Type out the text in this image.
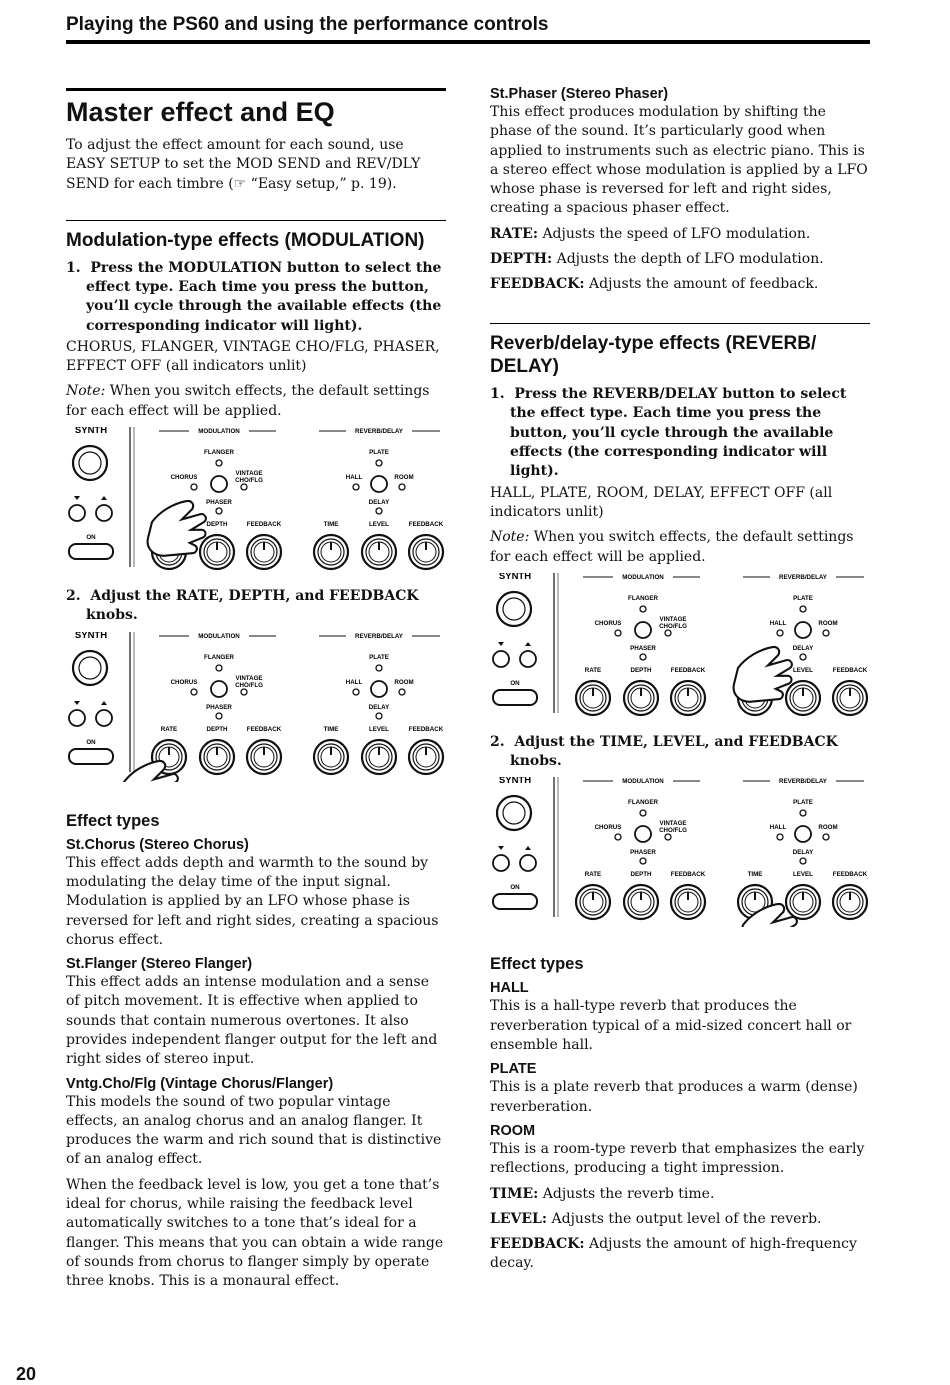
Playing the PS60 and using the performance controls
Master effect and EQ

To adjust the effect amount for each sound, use EASY SETUP to set the MOD SEND and REV/DLY SEND for each timbre (☞ “Easy setup,” p. 19).

Modulation-type effects (MODULATION)
1.  Press the MODULATION button to select the effect type. Each time you press the button, you’ll cycle through the available effects (the corresponding indicator will light).

CHORUS, FLANGER, VINTAGE CHO/FLG, PHASER, EFFECT OFF (all indicators unlit)

Note: When you switch effects, the default settings for each effect will be applied.

SYNTH
ON
MODULATION
FLANGER
CHORUS
VINTAGE
CHO/FLG
PHASER
DEPTH	FEEDBACK
REVERB/DELAY
PLATE
HALL	ROOM
DELAY
TIME	LEVEL	FEEDBACK
2.  Adjust the RATE, DEPTH, and FEEDBACK knobs.
SYNTH
ON
MODULATION
FLANGER
CHORUS
VINTAGE
CHO/FLG
PHASER
RATE	DEPTH	FEEDBACK
REVERB/DELAY
PLATE
HALL	ROOM
DELAY
TIME	LEVEL	FEEDBACK
Effect types
St.Chorus (Stereo Chorus)

This effect adds depth and warmth to the sound by modulating the delay time of the input signal. Modulation is applied by an LFO whose phase is reversed for left and right sides, creating a spacious chorus effect.

St.Flanger (Stereo Flanger)

This effect adds an intense modulation and a sense of pitch movement. It is effective when applied to sounds that contain numerous overtones. It also provides independent flanger output for the left and right sides of stereo input.

Vntg.Cho/Flg (Vintage Chorus/Flanger)

This models the sound of two popular vintage effects, an analog chorus and an analog flanger. It produces the warm and rich sound that is distinctive of an analog effect.

When the feedback level is low, you get a tone that’s ideal for chorus, while raising the feedback level automatically switches to a tone that’s ideal for a flanger. This means that you can obtain a wide range of sounds from chorus to flanger simply by operate three knobs. This is a monaural effect.

St.Phaser (Stereo Phaser)

This effect produces modulation by shifting the phase of the sound. It’s particularly good when applied to instruments such as electric piano. This is a stereo effect whose modulation is applied by a LFO whose phase is reversed for left and right sides, creating a spacious phaser effect.

RATE: Adjusts the speed of LFO modulation.

DEPTH: Adjusts the depth of LFO modulation.

FEEDBACK: Adjusts the amount of feedback.

Reverb/delay-type effects (REVERB/ DELAY)
1.  Press the REVERB/DELAY button to select the effect type. Each time you press the button, you’ll cycle through the available effects (the corresponding indicator will light).

HALL, PLATE, ROOM, DELAY, EFFECT OFF (all indicators unlit)

Note: When you switch effects, the default settings for each effect will be applied.

SYNTH
ON
MODULATION
FLANGER
CHORUS
VINTAGE
CHO/FLG
PHASER
RATE	DEPTH	FEEDBACK
REVERB/DELAY
PLATE
HALL	ROOM
DELAY
LEVEL	FEEDBACK
2.  Adjust the TIME, LEVEL, and FEEDBACK knobs.
SYNTH
ON
MODULATION
FLANGER
CHORUS
VINTAGE
CHO/FLG
PHASER
RATE	DEPTH	FEEDBACK
REVERB/DELAY
PLATE
HALL	ROOM
DELAY
TIME	LEVEL	FEEDBACK
Effect types
HALL

This is a hall-type reverb that produces the reverberation typical of a mid-sized concert hall or ensemble hall.

PLATE

This is a plate reverb that produces a warm (dense) reverberation.

ROOM

This is a room-type reverb that emphasizes the early reflections, producing a tight impression.

TIME: Adjusts the reverb time.

LEVEL: Adjusts the output level of the reverb.

FEEDBACK: Adjusts the amount of high-frequency decay.

20
